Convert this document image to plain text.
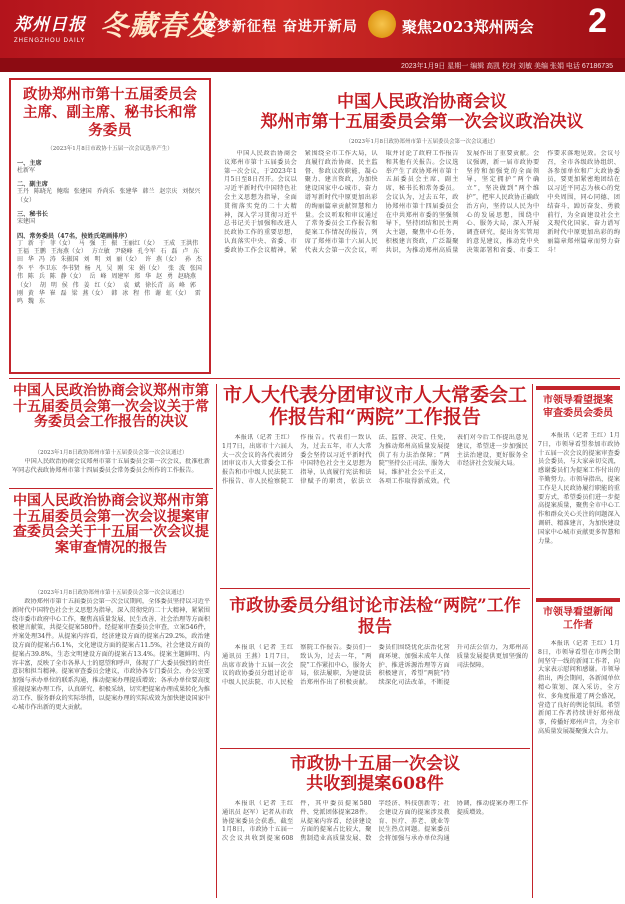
郑州日报
ZHENGZHOU DAILY 冬藏春发
逐梦新征程 奋进开新局	聚焦2023郑州两会 2
2023年1月9日 星期一 编辑 高凯 校对 刘敏 美编 张娟 电话 67186735
政协郑州市第十五届委员会主席、副主席、秘书长和常务委员
（2023年1月8日市政协十五届一次会议选举产生）
一、主席
杜新军
二、副主席
王丹 陈晓光 鲍瑞 张建国 乔尚乐 张建华 韩兰 赵宗庆 刘保兴（女）
三、秘书长
宋建国
四、常务委员（47名，按姓氏笔画排序）
丁 新 于 菲（女） 马 强 王 振 王丽红（女） 王成 王洪伟 王福 王鹏 王海燕（女） 方立敏 尹晓峰 孔令军 石 磊 卢 东 田 华 冯 涛 朱振国 刘 明 刘 丽（女） 许 燕（女） 孙 杰 李 平 李卫东 李书贤 杨 凡 吴 刚 宋 娟（女） 张 波 张国伟 陈 兵 陈 静（女） 岳 峰 周建军 郑 华 赵 勇 赵晓燕（女） 胡 明 侯 伟 姜 红（女） 袁 斌 徐长青 高 峰 郭 刚 黄 华 崔 磊 梁 燕（女） 韩 冰 程 伟 谢 虹（女） 雷 鸣 魏 东
中国人民政治协商会议
郑州市第十五届委员会第一次会议政治决议
（2023年1月8日政协郑州市第十五届委员会第一次会议通过）

中国人民政治协商会议郑州市第十五届委员会第一次会议，于2023年1月5日至8日召开。会议以习近平新时代中国特色社会主义思想为指导，全面贯彻落实党的二十大精神，深入学习贯彻习近平总书记关于加强和改进人民政协工作的重要思想，认真落实中央、省委、市委政协工作会议精神，紧紧围绕全市工作大局，认真履行政治协商、民主监督、参政议政职能，凝心聚力、建言资政，为加快建设国家中心城市、奋力谱写新时代中原更加出彩的绚丽篇章贡献智慧和力量。会议听取和审议通过了常务委员会工作报告和提案工作情况的报告，列席了郑州市第十六届人民代表大会第一次会议，听取并讨论了政府工作报告和其他有关报告。会议选举产生了政协郑州市第十五届委员会主席、副主席、秘书长和常务委员。会议认为，过去五年，政协郑州市第十四届委员会在中共郑州市委的坚强领导下，坚持团结和民主两大主题，聚焦中心任务，积极建言资政，广泛凝聚共识，为推动郑州高质量发展作出了重要贡献。会议强调，新一届市政协要坚持和加强党的全面领导，坚定拥护“两个确立”，坚决做到“两个维护”，把牢人民政协正确政治方向，坚持以人民为中心的发展思想，围绕中心、服务大局，深入开展调查研究，提出务实管用的意见建议，推动党中央决策部署和省委、市委工作要求落地见效。会议号召，全市各级政协组织、各参加单位和广大政协委员，要更加紧密地团结在以习近平同志为核心的党中央周围，同心同德、团结奋斗，踔厉奋发、勇毅前行，为全面建设社会主义现代化国家、奋力谱写新时代中原更加出彩的绚丽篇章郑州篇章而努力奋斗！

中国人民政治协商会议郑州市第十五届委员会第一次会议关于常务委员会工作报告的决议
（2023年1月8日政协郑州市第十五届委员会第一次会议通过）

中国人民政治协商会议郑州市第十五届委员会第一次会议，批准杜新军同志代表政协郑州市第十四届委员会常务委员会所作的工作报告。

中国人民政治协商会议郑州市第十五届委员会第一次会议提案审查委员会关于十五届一次会议提案审查情况的报告
（2023年1月8日政协郑州市第十五届委员会第一次会议通过）

政协郑州市第十五届委员会第一次会议期间，全体委员坚持以习近平新时代中国特色社会主义思想为指导，深入贯彻党的二十大精神，紧紧围绕市委市政府中心工作，聚焦高质量发展、民生改善、社会治理等方面积极建言献策，共提交提案580件。经提案审查委员会审查，立案546件，并案处理34件。从提案内容看，经济建设方面的提案占29.2%，政治建设方面的提案占6.1%，文化建设方面的提案占11.5%，社会建设方面的提案占39.8%，生态文明建设方面的提案占13.4%。提案主题鲜明、内容丰富，反映了全市各界人士的愿望和呼声，体现了广大委员强烈的责任意识和担当精神。提案审查委员会建议，市政协各专门委员会、办公室要加强与承办单位的联系沟通，推动提案办理提质增效；各承办单位要高度重视提案办理工作，认真研究、积极采纳，切实把提案办理成果转化为推动工作、服务群众的实际举措，以提案办理的实际成效为加快建设国家中心城市作出新的更大贡献。

市人大代表分团审议市人大常委会工作报告和“两院”工作报告

本报讯（记者 王红）1月7日，出席市十六届人大一次会议的各代表团分团审议市人大常委会工作报告和市中级人民法院工作报告、市人民检察院工作报告。代表们一致认为，过去五年，市人大常委会坚持以习近平新时代中国特色社会主义思想为指导，认真履行宪法和法律赋予的职责，依法立法、监督、决定、任免，为推动郑州高质量发展提供了有力法治保障；“两院”坚持公正司法、服务大局，维护社会公平正义，各项工作取得新成效。代表们对今后工作提出意见建议，希望进一步加强民主法治建设，更好服务全市经济社会发展大局。

市政协委员分组讨论市法检“两院”工作报告

本报讯（记者 王红 通讯员 王燕）1月7日，出席市政协十五届一次会议的政协委员分组讨论市中级人民法院、市人民检察院工作报告。委员们一致认为，过去一年，“两院”工作紧扣中心，服务大局，依法履职，为建设法治郑州作出了积极贡献。委员们围绕优化法治化营商环境、加强未成年人保护、推进诉源治理等方面积极建言，希望“两院”持续深化司法改革，不断提升司法公信力，为郑州高质量发展提供更加坚强的司法保障。

市政协十五届一次会议
共收到提案608件

本报讯（记者 王红 通讯员 赵军）记者从市政协提案委员会获悉，截至1月8日，市政协十五届一次会议共收到提案608件，其中委员提案580件、党派团体提案28件。从提案内容看，经济建设方面的提案占比较大，聚焦制造业高质量发展、数字经济、科技创新等；社会建设方面的提案涉及教育、医疗、养老、就业等民生热点问题。提案委员会将加强与承办单位沟通协调，推动提案办理工作提质增效。

市领导看望提案审查委员会委员

本报讯（记者 王红）1月7日，市领导看望参加市政协十五届一次会议的提案审查委员会委员，与大家亲切交流，感谢委员们为提案工作付出的辛勤努力。市领导指出，提案工作是人民政协履行职能的重要方式，希望委员们进一步提高提案质量，聚焦全市中心工作和群众关心关注的问题深入调研、精准建言，为加快建设国家中心城市贡献更多智慧和力量。

市领导看望新闻工作者

本报讯（记者 王红）1月8日，市领导看望在市两会期间坚守一线的新闻工作者，向大家表示慰问和感谢。市领导指出，两会期间，各新闻单位精心策划、深入采访，全方位、多角度报道了两会盛况，营造了良好的舆论氛围。希望新闻工作者持续讲好郑州故事，传播好郑州声音，为全市高质量发展凝聚强大合力。
